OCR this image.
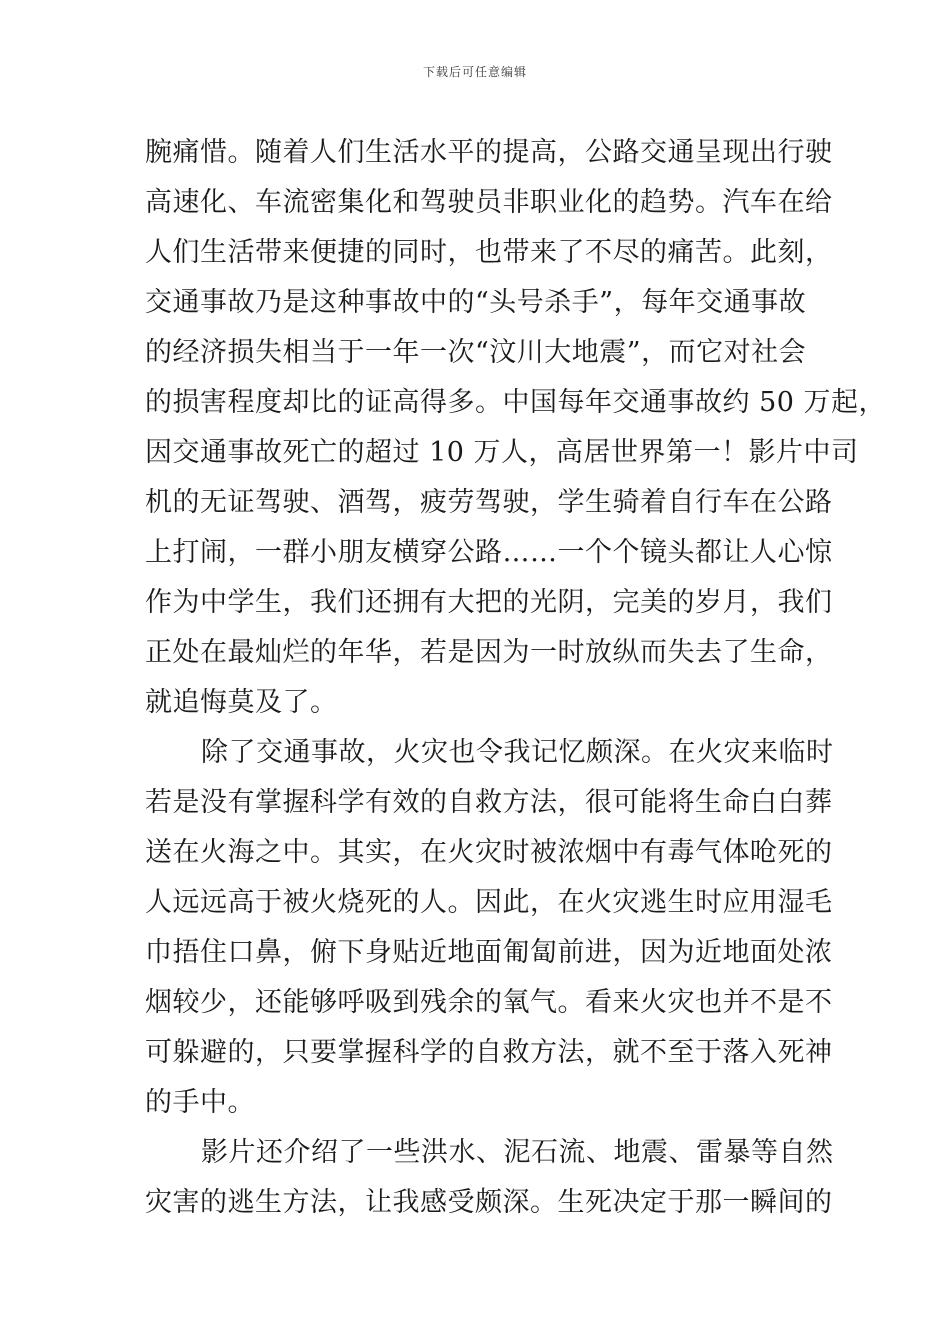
下载后可任意编辑
腕痛惜。随着人们生活水平的提高，公路交通呈现出行驶
高速化、车流密集化和驾驶员非职业化的趋势。汽车在给
人们生活带来便捷的同时，也带来了不尽的痛苦。此刻，
交通事故乃是这种事故中的“头号杀手”，每年交通事故
的经济损失相当于一年一次“汶川大地震”，而它对社会
的损害程度却比的证高得多。中国每年交通事故约 50 万起，
因交通事故死亡的超过 10 万人，高居世界第一！影片中司
机的无证驾驶、酒驾，疲劳驾驶，学生骑着自行车在公路
上打闹，一群小朋友横穿公路……一个个镜头都让人心惊
作为中学生，我们还拥有大把的光阴，完美的岁月，我们
正处在最灿烂的年华，若是因为一时放纵而失去了生命，
就追悔莫及了。
除了交通事故，火灾也令我记忆颇深。在火灾来临时
若是没有掌握科学有效的自救方法，很可能将生命白白葬
送在火海之中。其实，在火灾时被浓烟中有毒气体呛死的
人远远高于被火烧死的人。因此，在火灾逃生时应用湿毛
巾捂住口鼻，俯下身贴近地面匍匐前进，因为近地面处浓
烟较少，还能够呼吸到残余的氧气。看来火灾也并不是不
可躲避的，只要掌握科学的自救方法，就不至于落入死神
的手中。
影片还介绍了一些洪水、泥石流、地震、雷暴等自然
灾害的逃生方法，让我感受颇深。生死决定于那一瞬间的
